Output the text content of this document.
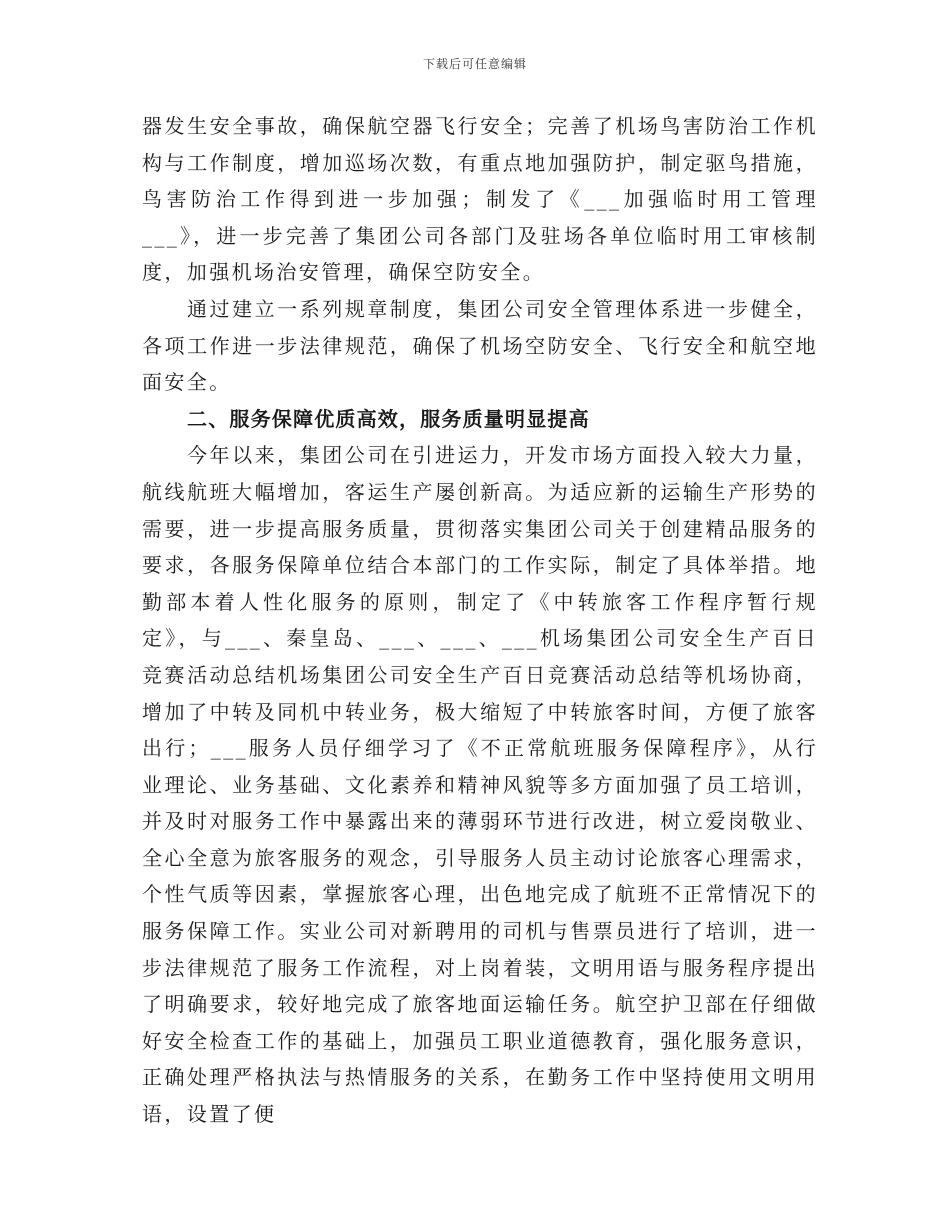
下载后可任意编辑

器发生安全事故，确保航空器飞行安全；完善了机场鸟害防治工作机构与工作制度，增加巡场次数，有重点地加强防护，制定驱鸟措施，鸟害防治工作得到进一步加强；制发了《___加强临时用工管理___》，进一步完善了集团公司各部门及驻场各单位临时用工审核制度，加强机场治安管理，确保空防安全。

通过建立一系列规章制度，集团公司安全管理体系进一步健全，各项工作进一步法律规范，确保了机场空防安全、飞行安全和航空地面安全。

二、服务保障优质高效，服务质量明显提高

今年以来，集团公司在引进运力，开发市场方面投入较大力量，航线航班大幅增加，客运生产屡创新高。为适应新的运输生产形势的需要，进一步提高服务质量，贯彻落实集团公司关于创建精品服务的要求，各服务保障单位结合本部门的工作实际，制定了具体举措。地勤部本着人性化服务的原则，制定了《中转旅客工作程序暂行规定》，与___、秦皇岛、___、___、___机场集团公司安全生产百日竞赛活动总结机场集团公司安全生产百日竞赛活动总结等机场协商，增加了中转及同机中转业务，极大缩短了中转旅客时间，方便了旅客出行；___服务人员仔细学习了《不正常航班服务保障程序》，从行业理论、业务基础、文化素养和精神风貌等多方面加强了员工培训，并及时对服务工作中暴露出来的薄弱环节进行改进，树立爱岗敬业、全心全意为旅客服务的观念，引导服务人员主动讨论旅客心理需求，个性气质等因素，掌握旅客心理，出色地完成了航班不正常情况下的服务保障工作。实业公司对新聘用的司机与售票员进行了培训，进一步法律规范了服务工作流程，对上岗着装，文明用语与服务程序提出了明确要求，较好地完成了旅客地面运输任务。航空护卫部在仔细做好安全检查工作的基础上，加强员工职业道德教育，强化服务意识，正确处理严格执法与热情服务的关系，在勤务工作中坚持使用文明用语，设置了便
